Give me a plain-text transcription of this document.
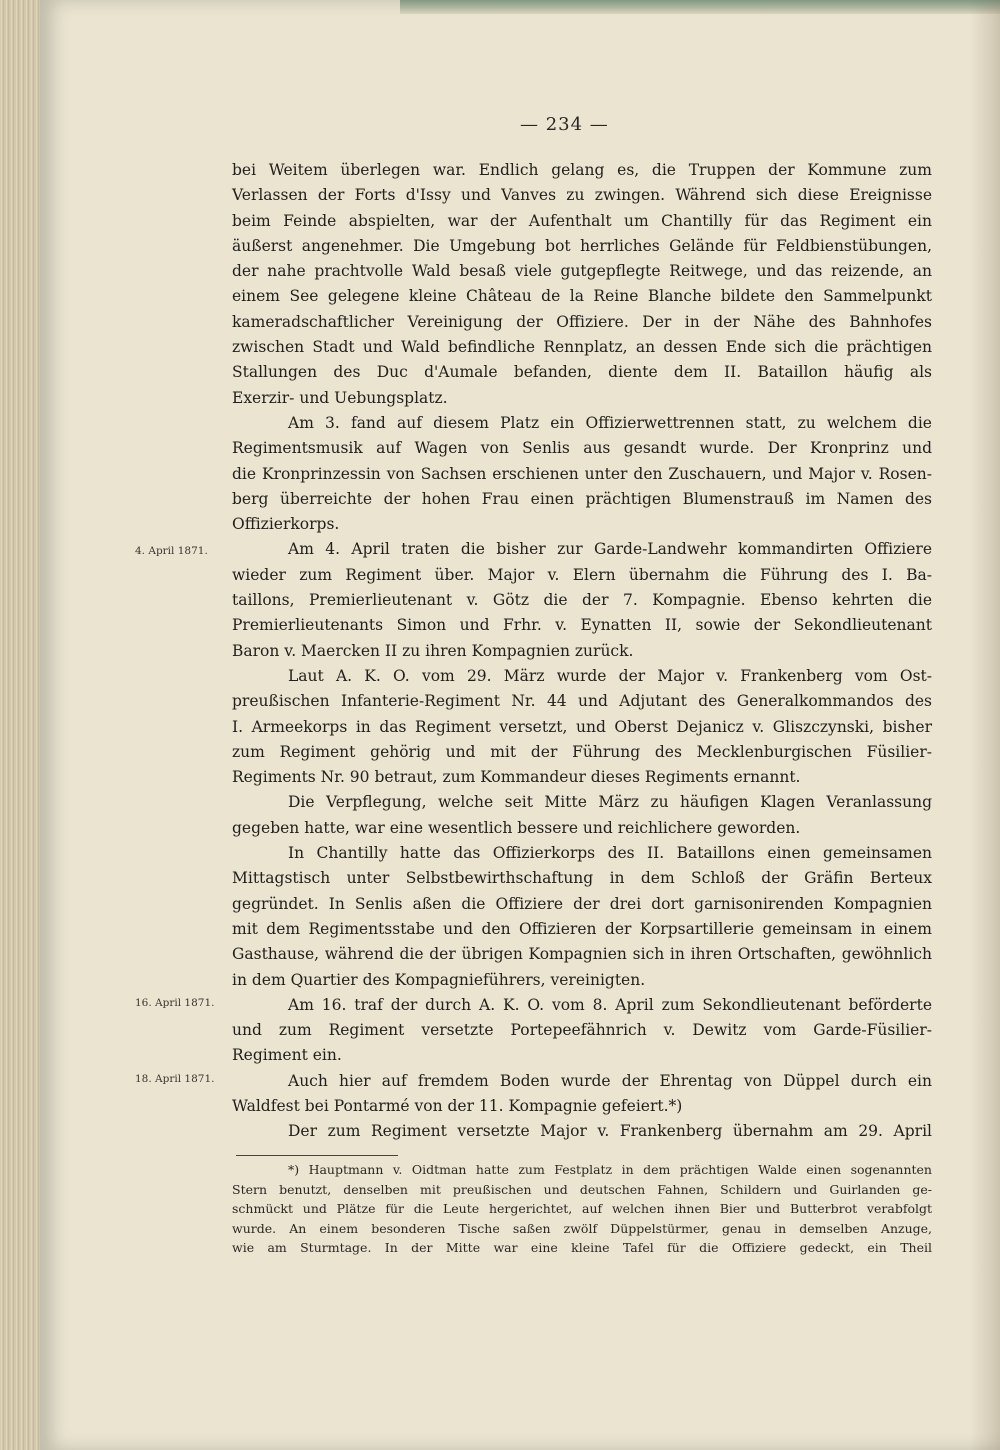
— 234 —
4. April 1871.
16. April 1871.
18. April 1871.
bei Weitem überlegen war. Endlich gelang es, die Truppen der Kommune zum
Verlassen der Forts d'Issy und Vanves zu zwingen. Während sich diese Ereignisse
beim Feinde abspielten, war der Aufenthalt um Chantilly für das Regiment ein
äußerst angenehmer. Die Umgebung bot herrliches Gelände für Feldbienstübungen,
der nahe prachtvolle Wald besaß viele gutgepflegte Reitwege, und das reizende, an
einem See gelegene kleine Château de la Reine Blanche bildete den Sammelpunkt
kameradschaftlicher Vereinigung der Offiziere. Der in der Nähe des Bahnhofes
zwischen Stadt und Wald befindliche Rennplatz, an dessen Ende sich die prächtigen
Stallungen des Duc d'Aumale befanden, diente dem II. Bataillon häufig als
Exerzir- und Uebungsplatz.
Am 3. fand auf diesem Platz ein Offizierwettrennen statt, zu welchem die
Regimentsmusik auf Wagen von Senlis aus gesandt wurde. Der Kronprinz und
die Kronprinzessin von Sachsen erschienen unter den Zuschauern, und Major v. Rosen-
berg überreichte der hohen Frau einen prächtigen Blumenstrauß im Namen des
Offizierkorps.
Am 4. April traten die bisher zur Garde-Landwehr kommandirten Offiziere
wieder zum Regiment über. Major v. Elern übernahm die Führung des I. Ba-
taillons, Premierlieutenant v. Götz die der 7. Kompagnie. Ebenso kehrten die
Premierlieutenants Simon und Frhr. v. Eynatten II, sowie der Sekondlieutenant
Baron v. Maercken II zu ihren Kompagnien zurück.
Laut A. K. O. vom 29. März wurde der Major v. Frankenberg vom Ost-
preußischen Infanterie-Regiment Nr. 44 und Adjutant des Generalkommandos des
I. Armeekorps in das Regiment versetzt, und Oberst Dejanicz v. Gliszczynski, bisher
zum Regiment gehörig und mit der Führung des Mecklenburgischen Füsilier-
Regiments Nr. 90 betraut, zum Kommandeur dieses Regiments ernannt.
Die Verpflegung, welche seit Mitte März zu häufigen Klagen Veranlassung
gegeben hatte, war eine wesentlich bessere und reichlichere geworden.
In Chantilly hatte das Offizierkorps des II. Bataillons einen gemeinsamen
Mittagstisch unter Selbstbewirthschaftung in dem Schloß der Gräfin Berteux
gegründet. In Senlis aßen die Offiziere der drei dort garnisonirenden Kompagnien
mit dem Regimentsstabe und den Offizieren der Korpsartillerie gemeinsam in einem
Gasthause, während die der übrigen Kompagnien sich in ihren Ortschaften, gewöhnlich
in dem Quartier des Kompagnieführers, vereinigten.
Am 16. traf der durch A. K. O. vom 8. April zum Sekondlieutenant beförderte
und zum Regiment versetzte Portepeefähnrich v. Dewitz vom Garde-Füsilier-
Regiment ein.
Auch hier auf fremdem Boden wurde der Ehrentag von Düppel durch ein
Waldfest bei Pontarmé von der 11. Kompagnie gefeiert.*)
Der zum Regiment versetzte Major v. Frankenberg übernahm am 29. April
*) Hauptmann v. Oidtman hatte zum Festplatz in dem prächtigen Walde einen sogenannten
Stern benutzt, denselben mit preußischen und deutschen Fahnen, Schildern und Guirlanden ge-
schmückt und Plätze für die Leute hergerichtet, auf welchen ihnen Bier und Butterbrot verabfolgt
wurde. An einem besonderen Tische saßen zwölf Düppelstürmer, genau in demselben Anzuge,
wie am Sturmtage. In der Mitte war eine kleine Tafel für die Offiziere gedeckt, ein Theil
